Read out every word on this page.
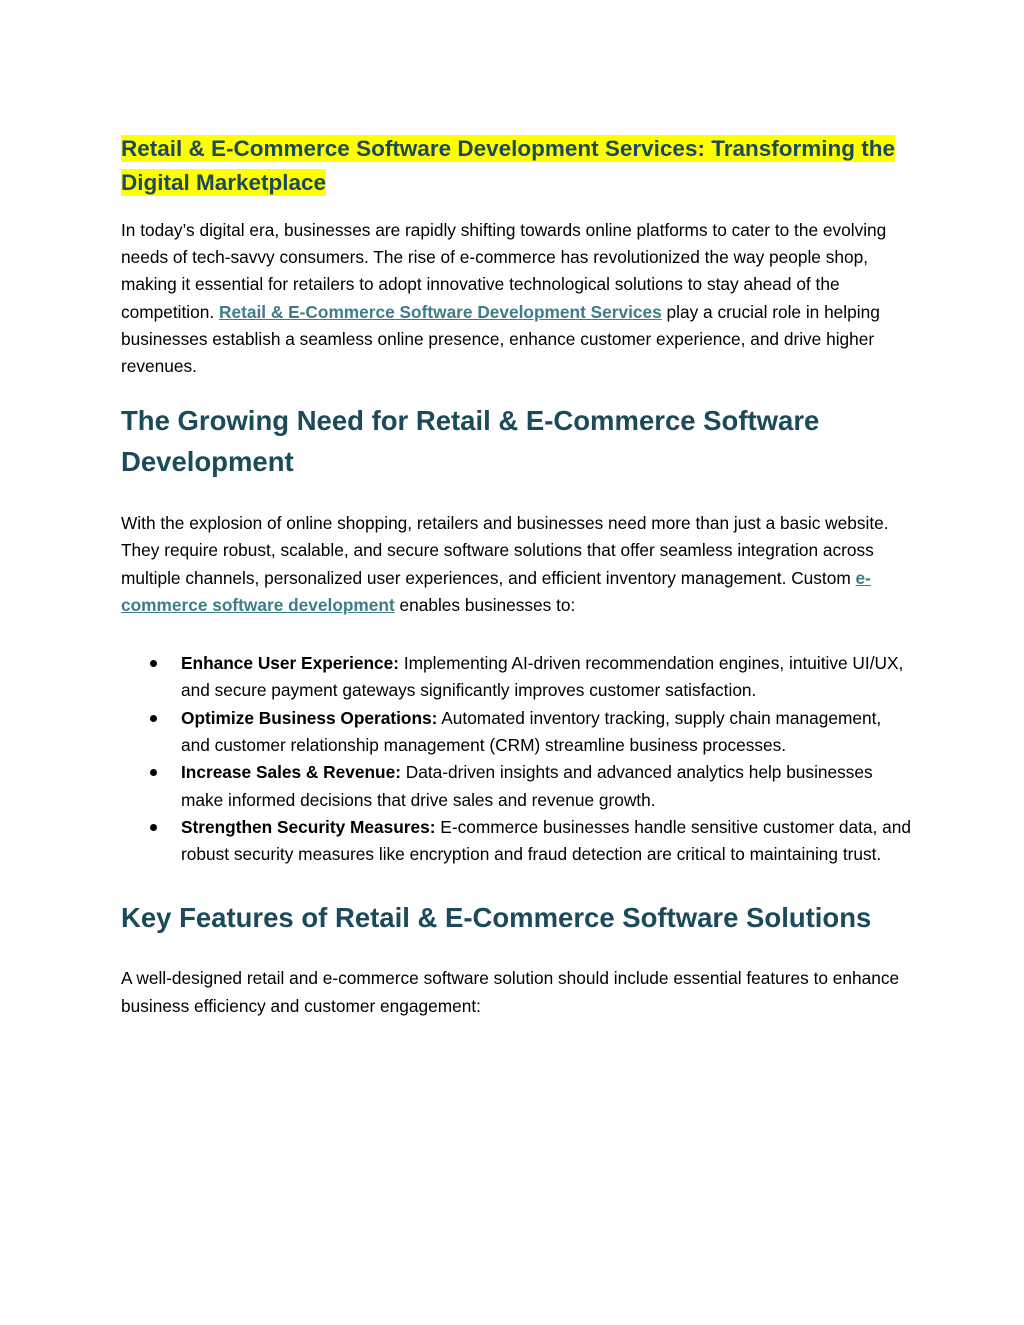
Retail & E-Commerce Software Development Services: Transforming the Digital Marketplace

In today’s digital era, businesses are rapidly shifting towards online platforms to cater to the evolving needs of tech-savvy consumers. The rise of e-commerce has revolutionized the way people shop, making it essential for retailers to adopt innovative technological solutions to stay ahead of the competition. Retail & E-Commerce Software Development Services play a crucial role in helping businesses establish a seamless online presence, enhance customer experience, and drive higher revenues.

The Growing Need for Retail & E-Commerce Software Development

With the explosion of online shopping, retailers and businesses need more than just a basic website. They require robust, scalable, and secure software solutions that offer seamless integration across multiple channels, personalized user experiences, and efficient inventory management. Custom e-commerce software development enables businesses to:

Enhance User Experience: Implementing AI-driven recommendation engines, intuitive UI/UX, and secure payment gateways significantly improves customer satisfaction.
Optimize Business Operations: Automated inventory tracking, supply chain management, and customer relationship management (CRM) streamline business processes.
Increase Sales & Revenue: Data-driven insights and advanced analytics help businesses make informed decisions that drive sales and revenue growth.
Strengthen Security Measures: E-commerce businesses handle sensitive customer data, and robust security measures like encryption and fraud detection are critical to maintaining trust.
Key Features of Retail & E-Commerce Software Solutions

A well-designed retail and e-commerce software solution should include essential features to enhance business efficiency and customer engagement:
